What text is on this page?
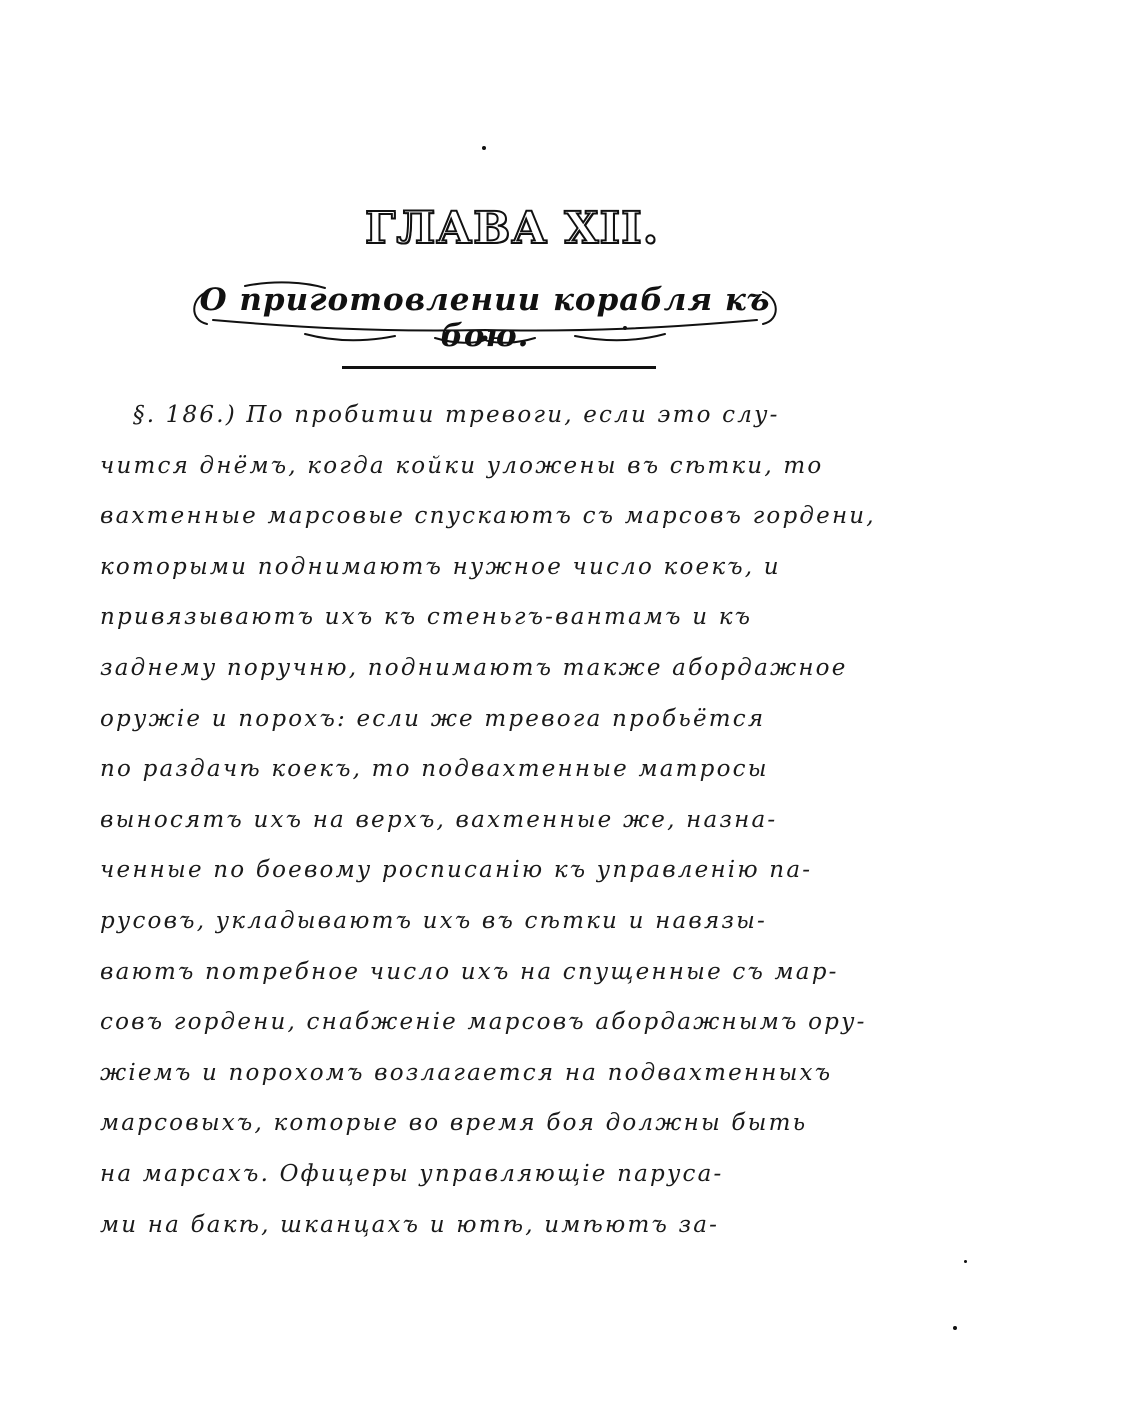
ГЛАВА XII.
О приготовлении корабля къ бою.
§. 186.) По пробитии тревоги, если это слу-
чится днёмъ, когда койки уложены въ сѣтки, то
вахтенные марсовые спускаютъ съ марсовъ гордени,
которыми поднимаютъ нужное число коекъ, и
привязываютъ ихъ къ стеньгъ-вантамъ и къ
заднему поручню, поднимаютъ также абордажное
оружіе и порохъ: если же тревога пробьётся
по раздачѣ коекъ, то подвахтенные матросы
выносятъ ихъ на верхъ, вахтенные же, назна-
ченные по боевому росписанію къ управленію па-
русовъ, укладываютъ ихъ въ сѣтки и навязы-
ваютъ потребное число ихъ на спущенные съ мар-
совъ гордени, снабженіе марсовъ абордажнымъ ору-
жіемъ и порохомъ возлагается на подвахтенныхъ
марсовыхъ, которые во время боя должны быть
на марсахъ. Офицеры управляющіе паруса-
ми на бакѣ, шканцахъ и ютѣ, имѣютъ за-
